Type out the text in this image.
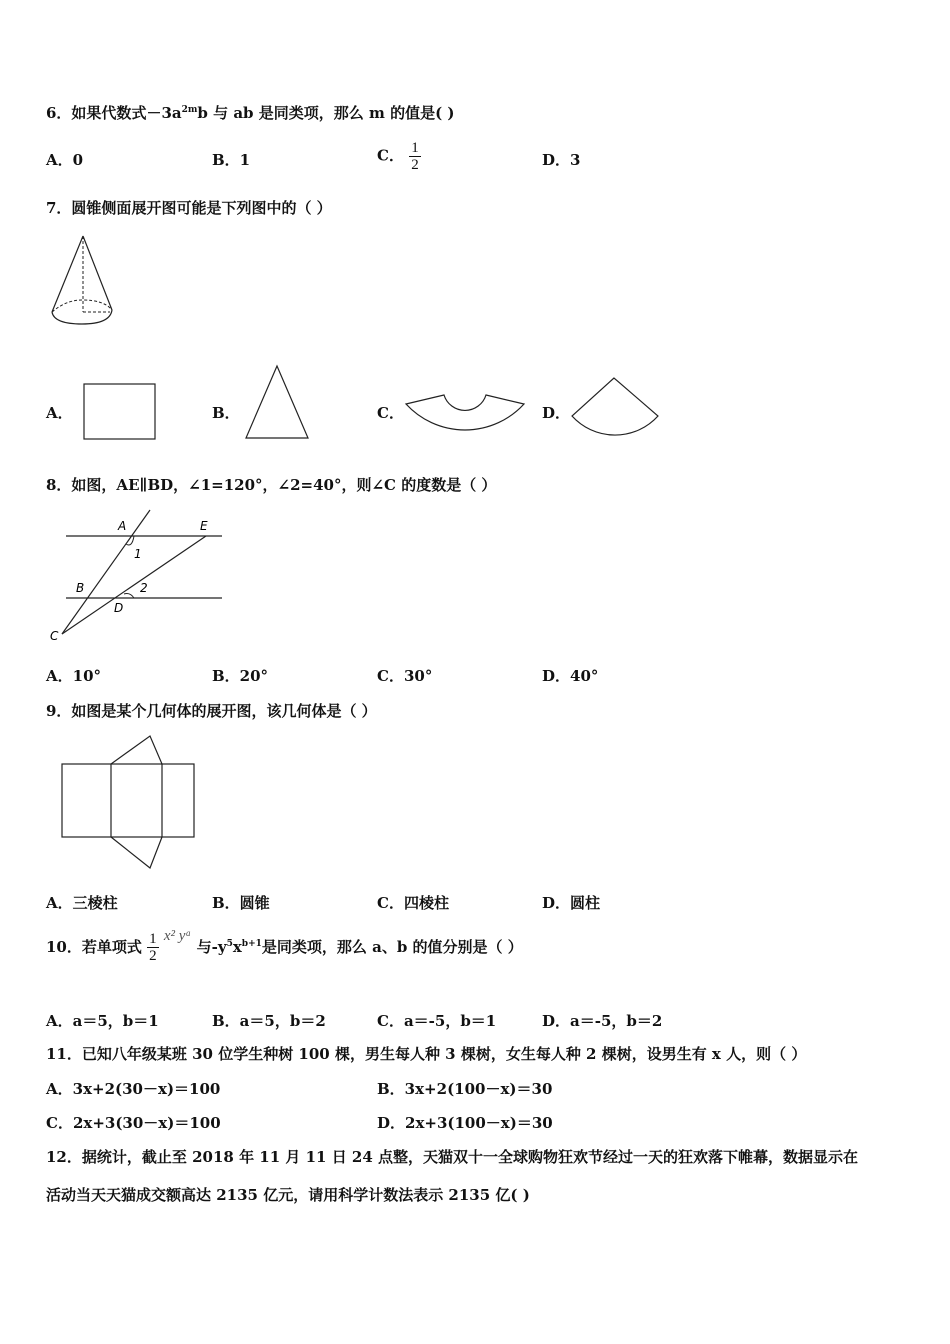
6．如果代数式$-3a^{2m}b$ 与 ab 是同类项，那么 m 的值是( )
A．0	B．1	C． $\frac{1}{2}$	D．3
7．圆锥侧面展开图可能是下列图中的（ ）
A．	B．	C．	D．
8．如图，AE∥BD，∠1=120°，∠2=40°，则∠C 的度数是（ ）
A	E
1
B	2
D
C
A．10°	B．20°	C．30°	D．40°
9．如图是某个几何体的展开图，该几何体是（ ）
A．三棱柱	B．圆锥	C．四棱柱	D．圆柱
10．若单项式 $\frac{1}{2} x^2$ yᵃ 与$-y^5x^{b+1}$是同类项，那么 a、b 的值分别是（ ）
A．a＝5，b＝1	B．a＝5，b＝2	C．a＝-5，b＝1	D．a＝-5，b＝2
11．已知八年级某班 30 位学生种树 100 棵，男生每人种 3 棵树，女生每人种 2 棵树，设男生有 x 人，则（ ）
A．3x+2(30－x)＝100	B．3x+2(100－x)＝30
C．2x+3(30－x)＝100	D．2x+3(100－x)＝30
12．据统计，截止至 2018 年 11 月 11 日 24 点整，天猫双十一全球购物狂欢节经过一天的狂欢落下帷幕，数据显示在
活动当天天猫成交额高达 2135 亿元，请用科学计数法表示 2135 亿( )
